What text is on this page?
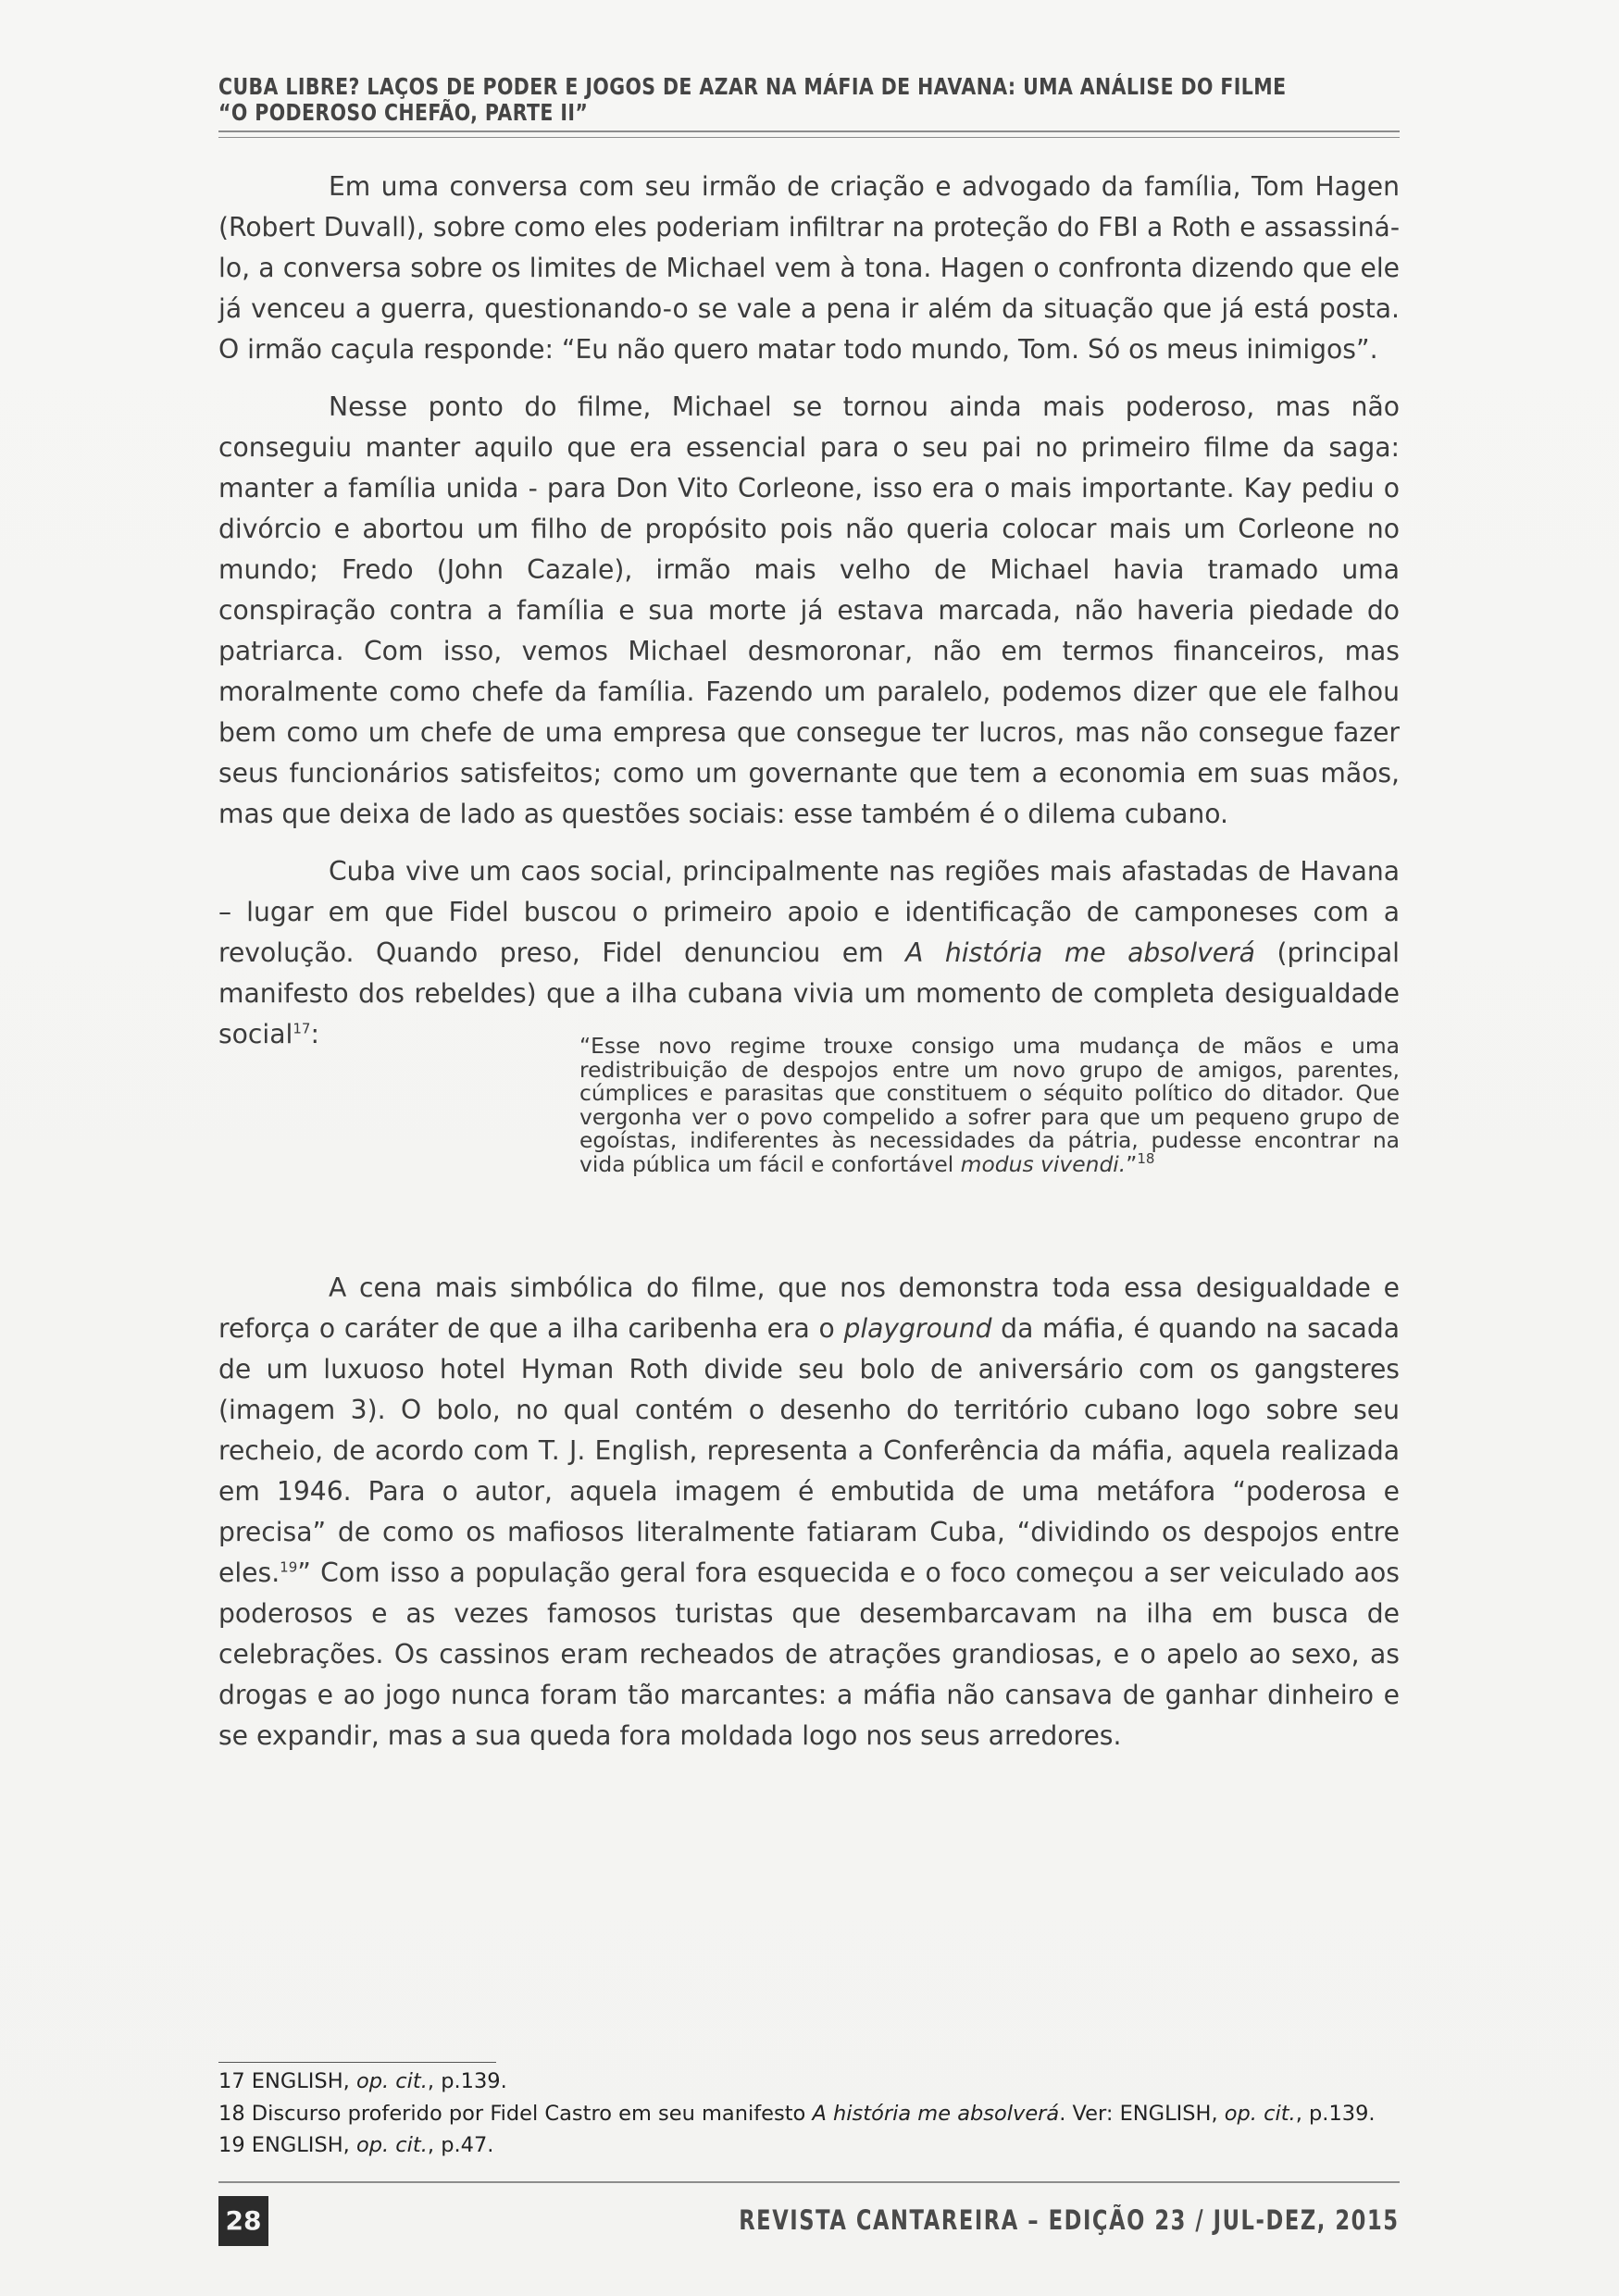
CUBA LIBRE? LAÇOS DE PODER E JOGOS DE AZAR NA MÁFIA DE HAVANA: UMA ANÁLISE DO FILME
“O PODEROSO CHEFÃO, PARTE II”

Em uma conversa com seu irmão de criação e advogado da família, Tom Hagen (Robert Duvall), sobre como eles poderiam infiltrar na proteção do FBI a Roth e assassiná-lo, a conversa sobre os limites de Michael vem à tona. Hagen o confronta dizendo que ele já venceu a guerra, questionando-o se vale a pena ir além da situação que já está posta. O irmão caçula responde: “Eu não quero matar todo mundo, Tom. Só os meus inimigos”.

Nesse ponto do filme, Michael se tornou ainda mais poderoso, mas não conseguiu manter aquilo que era essencial para o seu pai no primeiro filme da saga: manter a família unida - para Don Vito Corleone, isso era o mais importante. Kay pediu o divórcio e abortou um filho de propósito pois não queria colocar mais um Corleone no mundo; Fredo (John Cazale), irmão mais velho de Michael havia tramado uma conspiração contra a família e sua morte já estava marcada, não haveria piedade do patriarca. Com isso, vemos Michael desmoronar, não em termos financeiros, mas moralmente como chefe da família. Fazendo um paralelo, podemos dizer que ele falhou bem como um chefe de uma empresa que consegue ter lucros, mas não consegue fazer seus funcionários satisfeitos; como um governante que tem a economia em suas mãos, mas que deixa de lado as questões sociais: esse também é o dilema cubano.

Cuba vive um caos social, principalmente nas regiões mais afastadas de Havana – lugar em que Fidel buscou o primeiro apoio e identificação de camponeses com a revolução. Quando preso, Fidel denunciou em A história me absolverá (principal manifesto dos rebeldes) que a ilha cubana vivia um momento de completa desigualdade social$^{17}$:	“Esse novo regime trouxe consigo uma mudança de mãos e uma redistribuição de despojos entre um novo grupo de amigos, parentes, cúmplices e parasitas que constituem o séquito político do ditador. Que vergonha ver o povo compelido a sofrer para que um pequeno grupo de egoístas, indiferentes às necessidades da pátria, pudesse encontrar na vida pública um fácil e confortável modus vivendi.”$^{18}$

A cena mais simbólica do filme, que nos demonstra toda essa desigualdade e reforça o caráter de que a ilha caribenha era o playground da máfia, é quando na sacada de um luxuoso hotel Hyman Roth divide seu bolo de aniversário com os gangsteres (imagem 3). O bolo, no qual contém o desenho do território cubano logo sobre seu recheio, de acordo com T. J. English, representa a Conferência da máfia, aquela realizada em 1946. Para o autor, aquela imagem é embutida de uma metáfora “poderosa e precisa” de como os mafiosos literalmente fatiaram Cuba, “dividindo os despojos entre eles.$^{19}$” Com isso a população geral fora esquecida e o foco começou a ser veiculado aos poderosos e as vezes famosos turistas que desembarcavam na ilha em busca de celebrações. Os cassinos eram recheados de atrações grandiosas, e o apelo ao sexo, as drogas e ao jogo nunca foram tão marcantes: a máfia não cansava de ganhar dinheiro e se expandir, mas a sua queda fora moldada logo nos seus arredores.

17 ENGLISH, op. cit., p.139.
18 Discurso proferido por Fidel Castro em seu manifesto A história me absolverá. Ver: ENGLISH, op. cit., p.139.
19 ENGLISH, op. cit., p.47.
28	REVISTA CANTAREIRA – EDIÇÃO 23 / JUL-DEZ, 2015
